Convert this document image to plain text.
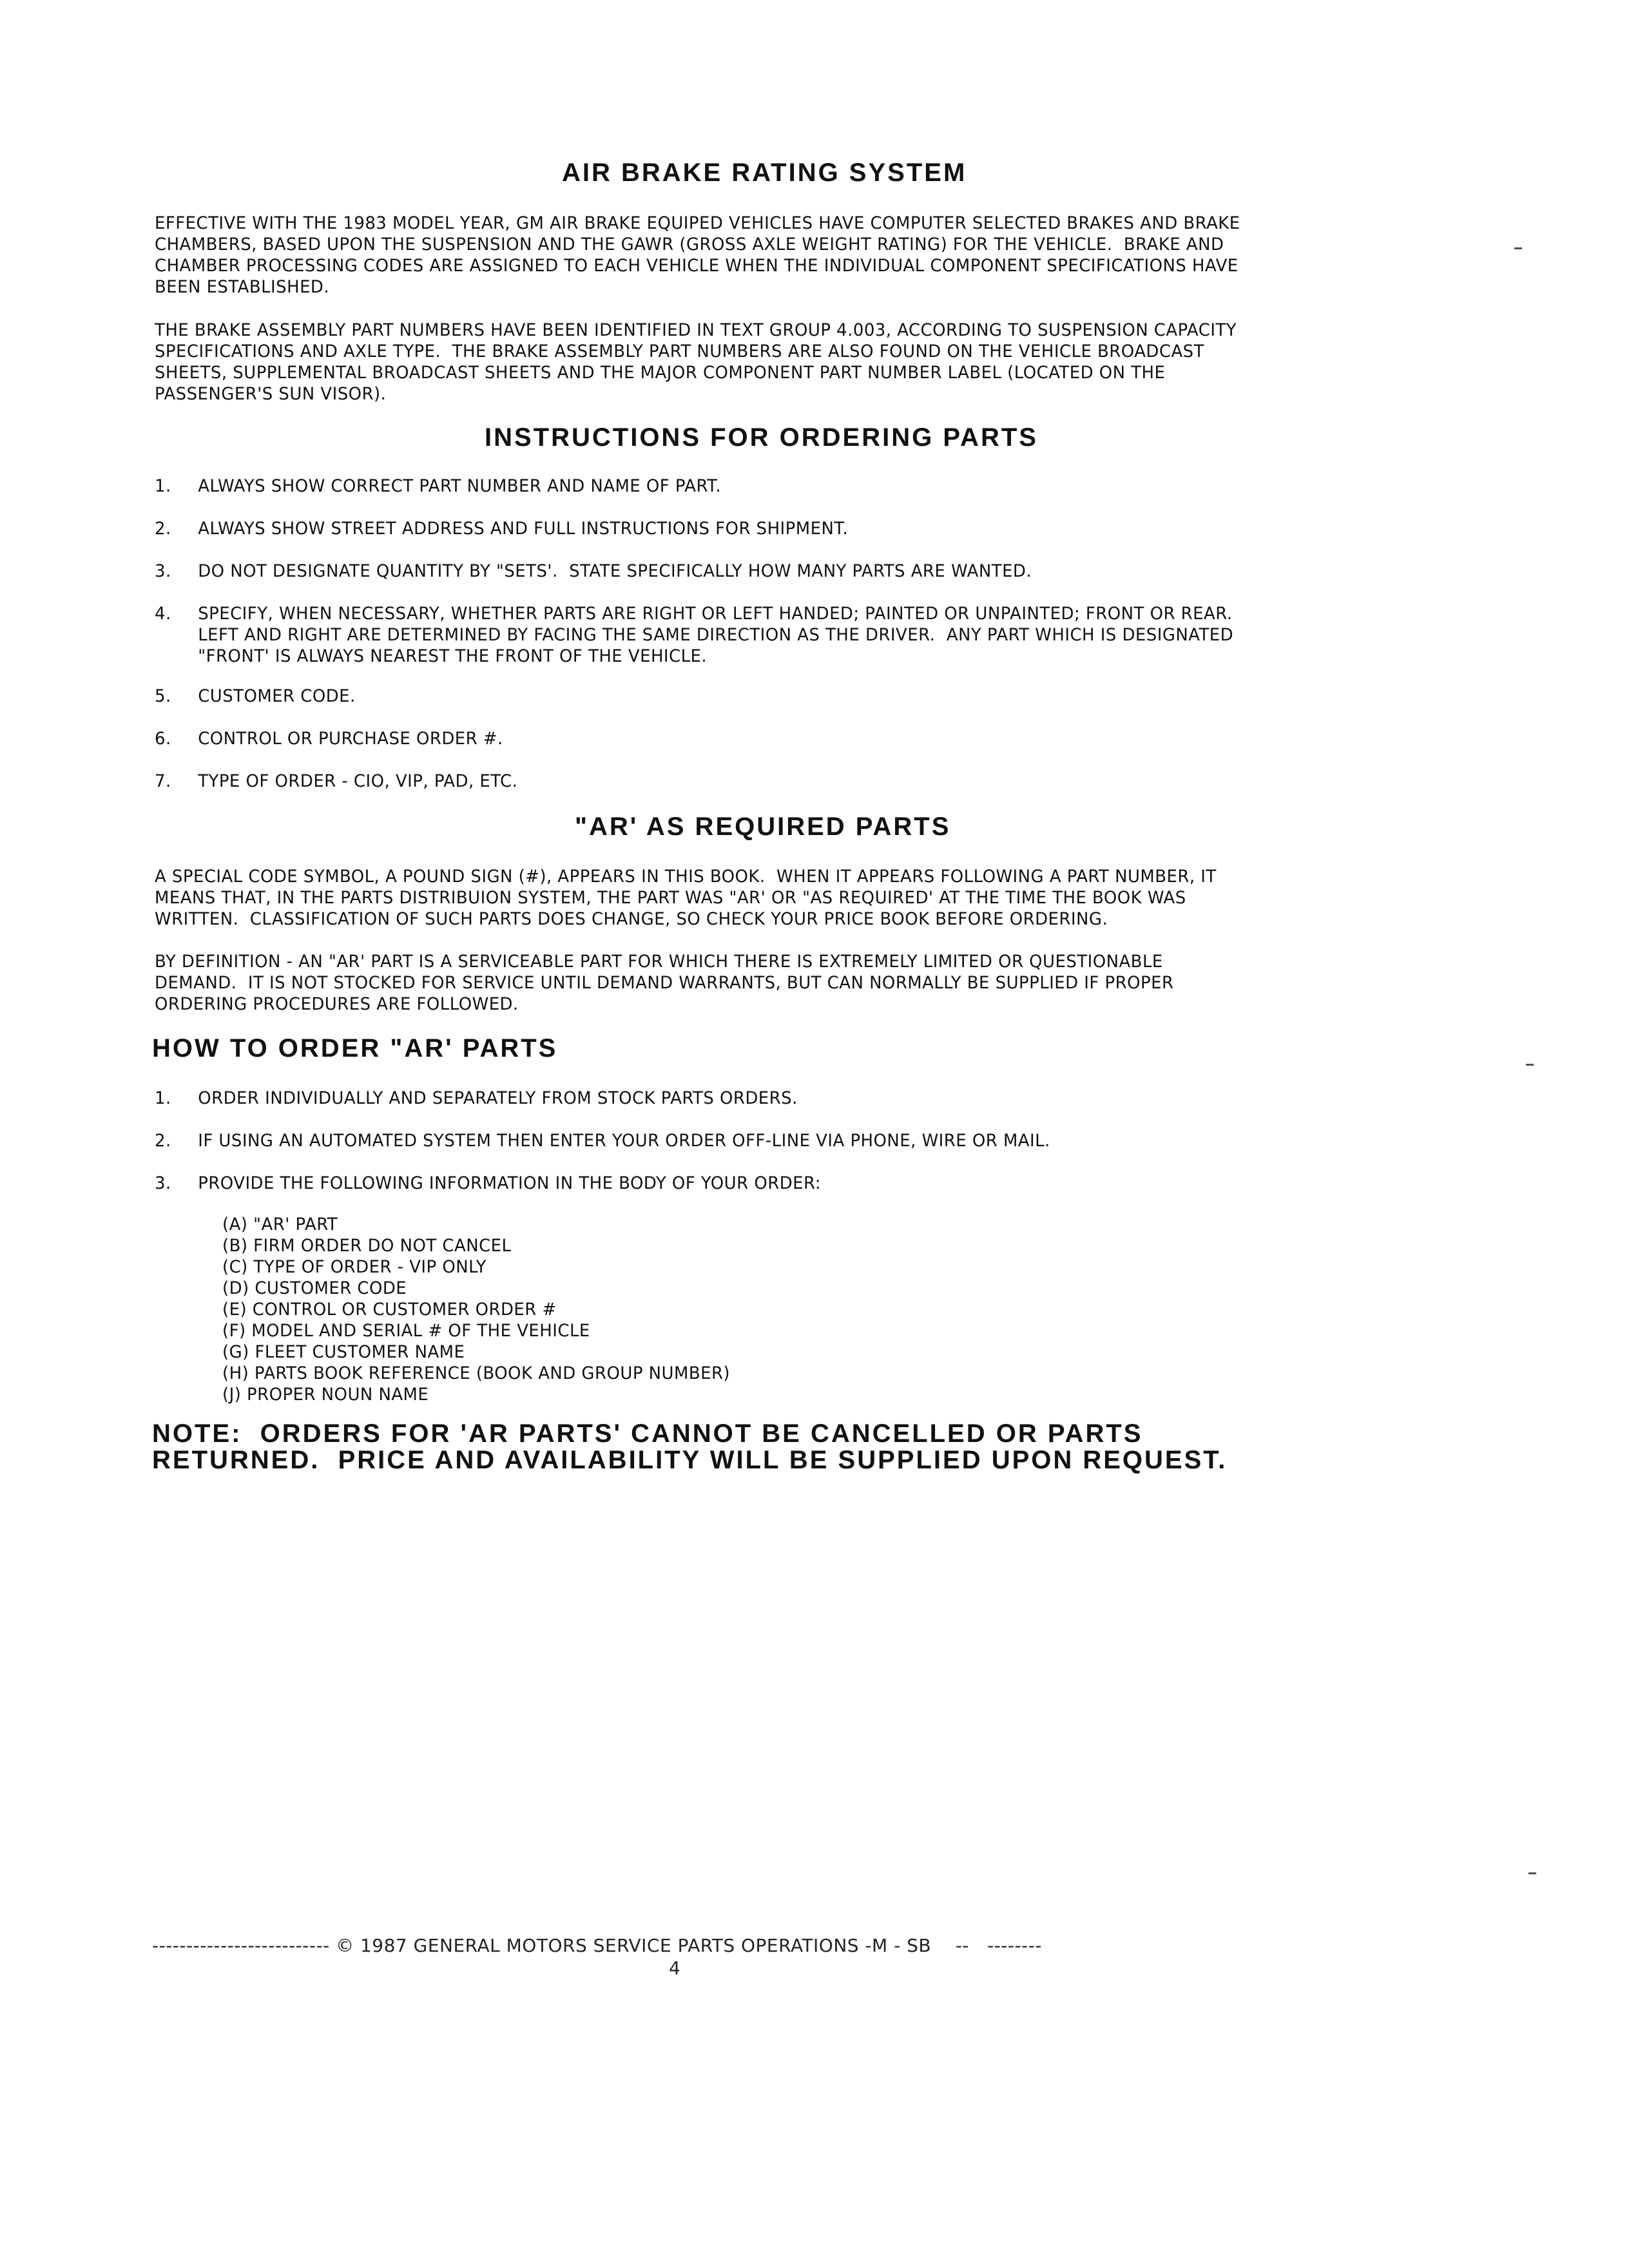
AIR BRAKE RATING SYSTEM
EFFECTIVE WITH THE 1983 MODEL YEAR, GM AIR BRAKE EQUIPED VEHICLES HAVE COMPUTER SELECTED BRAKES AND BRAKE
CHAMBERS, BASED UPON THE SUSPENSION AND THE GAWR (GROSS AXLE WEIGHT RATING) FOR THE VEHICLE.  BRAKE AND
CHAMBER PROCESSING CODES ARE ASSIGNED TO EACH VEHICLE WHEN THE INDIVIDUAL COMPONENT SPECIFICATIONS HAVE
BEEN ESTABLISHED.
THE BRAKE ASSEMBLY PART NUMBERS HAVE BEEN IDENTIFIED IN TEXT GROUP 4.003, ACCORDING TO SUSPENSION CAPACITY
SPECIFICATIONS AND AXLE TYPE.  THE BRAKE ASSEMBLY PART NUMBERS ARE ALSO FOUND ON THE VEHICLE BROADCAST
SHEETS, SUPPLEMENTAL BROADCAST SHEETS AND THE MAJOR COMPONENT PART NUMBER LABEL (LOCATED ON THE
PASSENGER'S SUN VISOR).
INSTRUCTIONS FOR ORDERING PARTS

1.

ALWAYS SHOW CORRECT PART NUMBER AND NAME OF PART.

2.

ALWAYS SHOW STREET ADDRESS AND FULL INSTRUCTIONS FOR SHIPMENT.

3.

DO NOT DESIGNATE QUANTITY BY "SETS'.  STATE SPECIFICALLY HOW MANY PARTS ARE WANTED.

4.

SPECIFY, WHEN NECESSARY, WHETHER PARTS ARE RIGHT OR LEFT HANDED; PAINTED OR UNPAINTED; FRONT OR REAR.
LEFT AND RIGHT ARE DETERMINED BY FACING THE SAME DIRECTION AS THE DRIVER.  ANY PART WHICH IS DESIGNATED
"FRONT' IS ALWAYS NEAREST THE FRONT OF THE VEHICLE.

5.

CUSTOMER CODE.

6.

CONTROL OR PURCHASE ORDER #.

7.

TYPE OF ORDER - CIO, VIP, PAD, ETC.

"AR' AS REQUIRED PARTS
A SPECIAL CODE SYMBOL, A POUND SIGN (#), APPEARS IN THIS BOOK.  WHEN IT APPEARS FOLLOWING A PART NUMBER, IT
MEANS THAT, IN THE PARTS DISTRIBUION SYSTEM, THE PART WAS "AR' OR "AS REQUIRED' AT THE TIME THE BOOK WAS
WRITTEN.  CLASSIFICATION OF SUCH PARTS DOES CHANGE, SO CHECK YOUR PRICE BOOK BEFORE ORDERING.
BY DEFINITION - AN "AR' PART IS A SERVICEABLE PART FOR WHICH THERE IS EXTREMELY LIMITED OR QUESTIONABLE
DEMAND.  IT IS NOT STOCKED FOR SERVICE UNTIL DEMAND WARRANTS, BUT CAN NORMALLY BE SUPPLIED IF PROPER
ORDERING PROCEDURES ARE FOLLOWED.
HOW TO ORDER "AR' PARTS

1.

ORDER INDIVIDUALLY AND SEPARATELY FROM STOCK PARTS ORDERS.

2.

IF USING AN AUTOMATED SYSTEM THEN ENTER YOUR ORDER OFF-LINE VIA PHONE, WIRE OR MAIL.

3.

PROVIDE THE FOLLOWING INFORMATION IN THE BODY OF YOUR ORDER:

(A) "AR' PART
(B) FIRM ORDER DO NOT CANCEL
(C) TYPE OF ORDER - VIP ONLY
(D) CUSTOMER CODE
(E) CONTROL OR CUSTOMER ORDER #
(F) MODEL AND SERIAL # OF THE VEHICLE
(G) FLEET CUSTOMER NAME
(H) PARTS BOOK REFERENCE (BOOK AND GROUP NUMBER)
(J) PROPER NOUN NAME
NOTE:  ORDERS FOR 'AR PARTS' CANNOT BE CANCELLED OR PARTS
RETURNED.  PRICE AND AVAILABILITY WILL BE SUPPLIED UPON REQUEST.
-------------------------- © 1987 GENERAL MOTORS SERVICE PARTS OPERATIONS -M - SB    --   --------
4
